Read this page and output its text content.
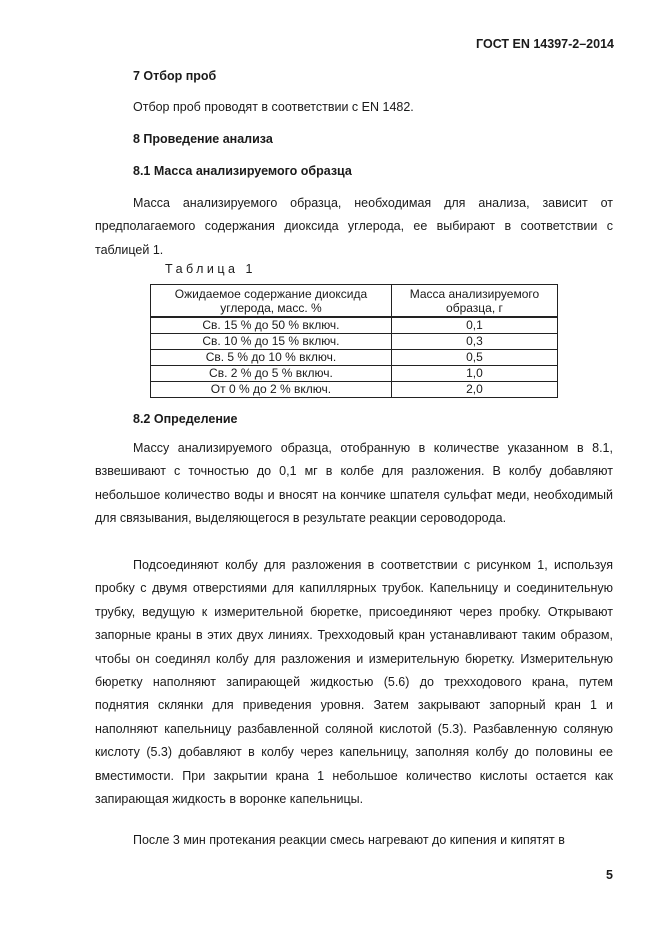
ГОСТ EN 14397-2–2014
7 Отбор проб

Отбор проб проводят в соответствии с EN 1482.

8 Проведение анализа
8.1 Масса анализируемого образца

Масса анализируемого образца, необходимая для анализа, зависит от предполагаемого содержания диоксида углерода, ее выбирают в соответствии с таблицей 1.

Таблица 1
Ожидаемое содержание диоксида углерода, масс. %	Масса анализируемого образца, г
Св. 15 % до 50 % включ.	0,1
Св. 10 % до 15 % включ.	0,3
Св. 5 % до 10 % включ.	0,5
Св. 2 % до 5 % включ.	1,0
От 0 % до 2 % включ.	2,0
8.2 Определение

Массу анализируемого образца, отобранную в количестве указанном в 8.1, взвешивают с точностью до 0,1 мг в колбе для разложения. В колбу добавляют небольшое количество воды и вносят на кончике шпателя сульфат меди, необходимый для связывания, выделяющегося в результате реакции сероводорода.

Подсоединяют колбу для разложения в соответствии с рисунком 1, используя пробку с двумя отверстиями для капиллярных трубок. Капельницу и соединительную трубку, ведущую к измерительной бюретке, присоединяют через пробку. Открывают запорные краны в этих двух линиях. Трехходовый кран устанавливают таким образом, чтобы он соединял колбу для разложения и измерительную бюретку. Измерительную бюретку наполняют запирающей жидкостью (5.6) до трехходового крана, путем поднятия склянки для приведения уровня. Затем закрывают запорный кран 1 и наполняют капельницу разбавленной соляной кислотой (5.3). Разбавленную соляную кислоту (5.3) добавляют в колбу через капельницу, заполняя колбу до половины ее вместимости. При закрытии крана 1 небольшое количество кислоты остается как запирающая жидкость в воронке капельницы.

После 3 мин протекания реакции смесь нагревают до кипения и кипятят в

5
